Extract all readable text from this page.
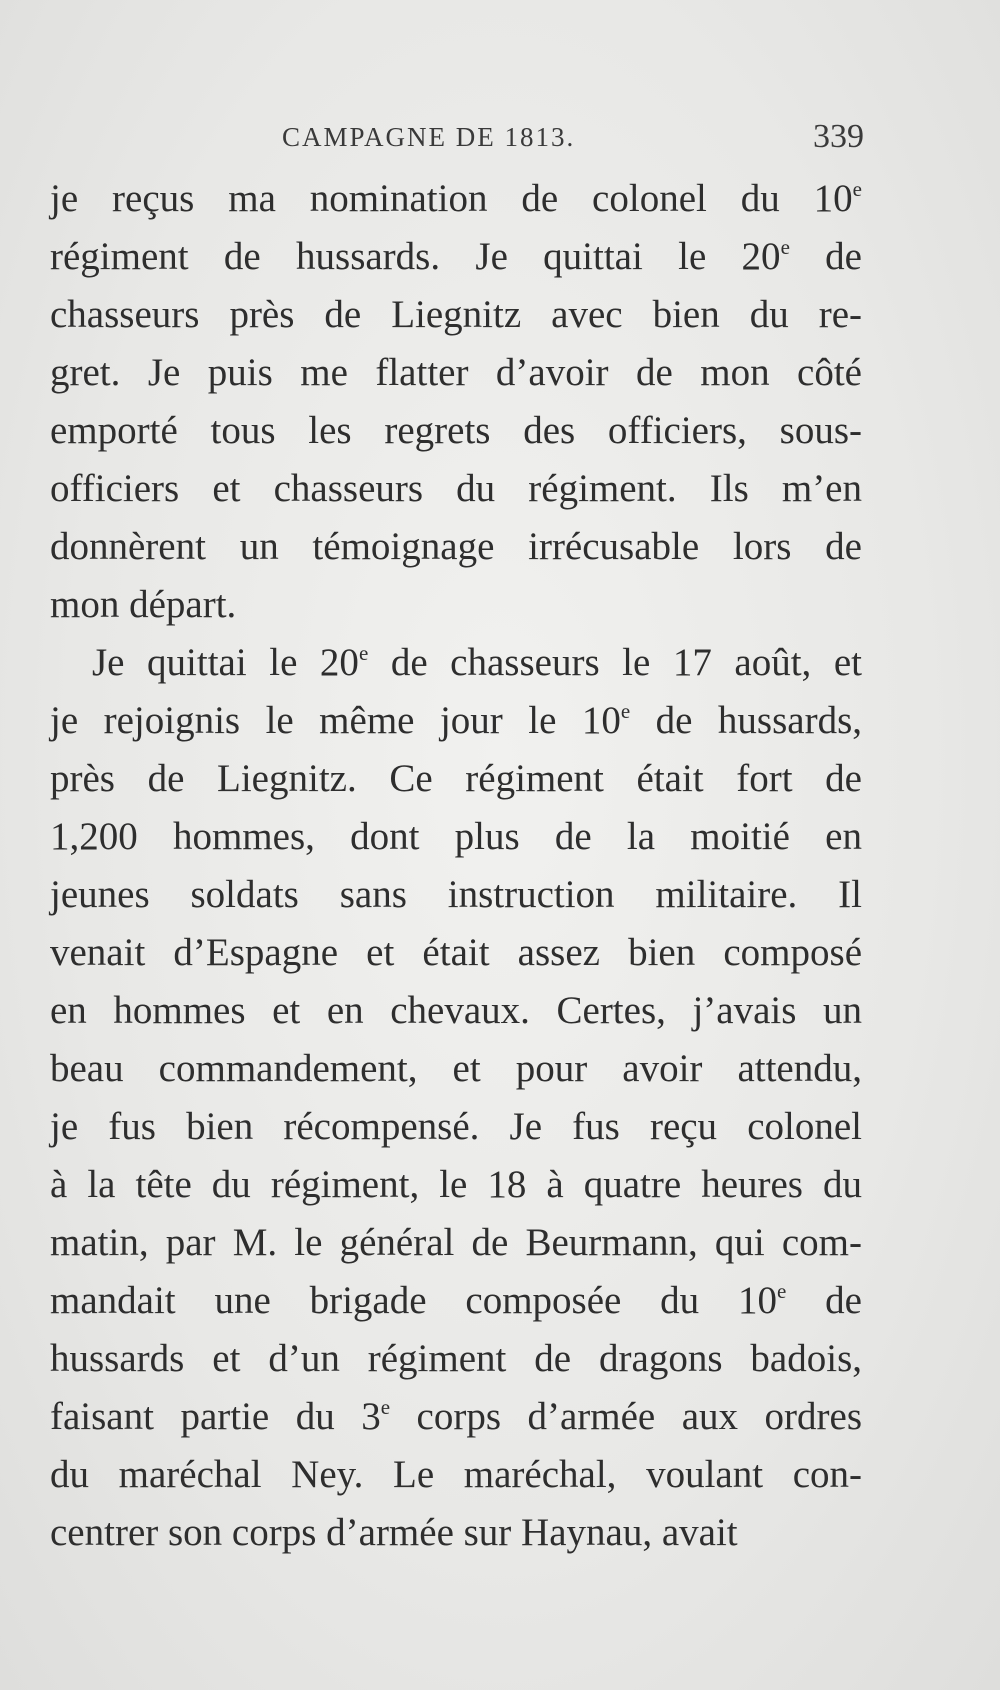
CAMPAGNE DE 1813.	339
je reçus ma nomination de colonel du 10e
régiment de hussards. Je quittai le 20e de
chasseurs près de Liegnitz avec bien du re-
gret. Je puis me flatter d’avoir de mon côté
emporté tous les regrets des officiers, sous-
officiers et chasseurs du régiment. Ils m’en
donnèrent un témoignage irrécusable lors de
mon départ.
Je quittai le 20e de chasseurs le 17 août, et
je rejoignis le même jour le 10e de hussards,
près de Liegnitz. Ce régiment était fort de
1,200 hommes, dont plus de la moitié en
jeunes soldats sans instruction militaire. Il
venait d’Espagne et était assez bien composé
en hommes et en chevaux. Certes, j’avais un
beau commandement, et pour avoir attendu,
je fus bien récompensé. Je fus reçu colonel
à la tête du régiment, le 18 à quatre heures du
matin, par M. le général de Beurmann, qui com-
mandait une brigade composée du 10e de
hussards et d’un régiment de dragons badois,
faisant partie du 3e corps d’armée aux ordres
du maréchal Ney. Le maréchal, voulant con-
centrer son corps d’armée sur Haynau, avait
